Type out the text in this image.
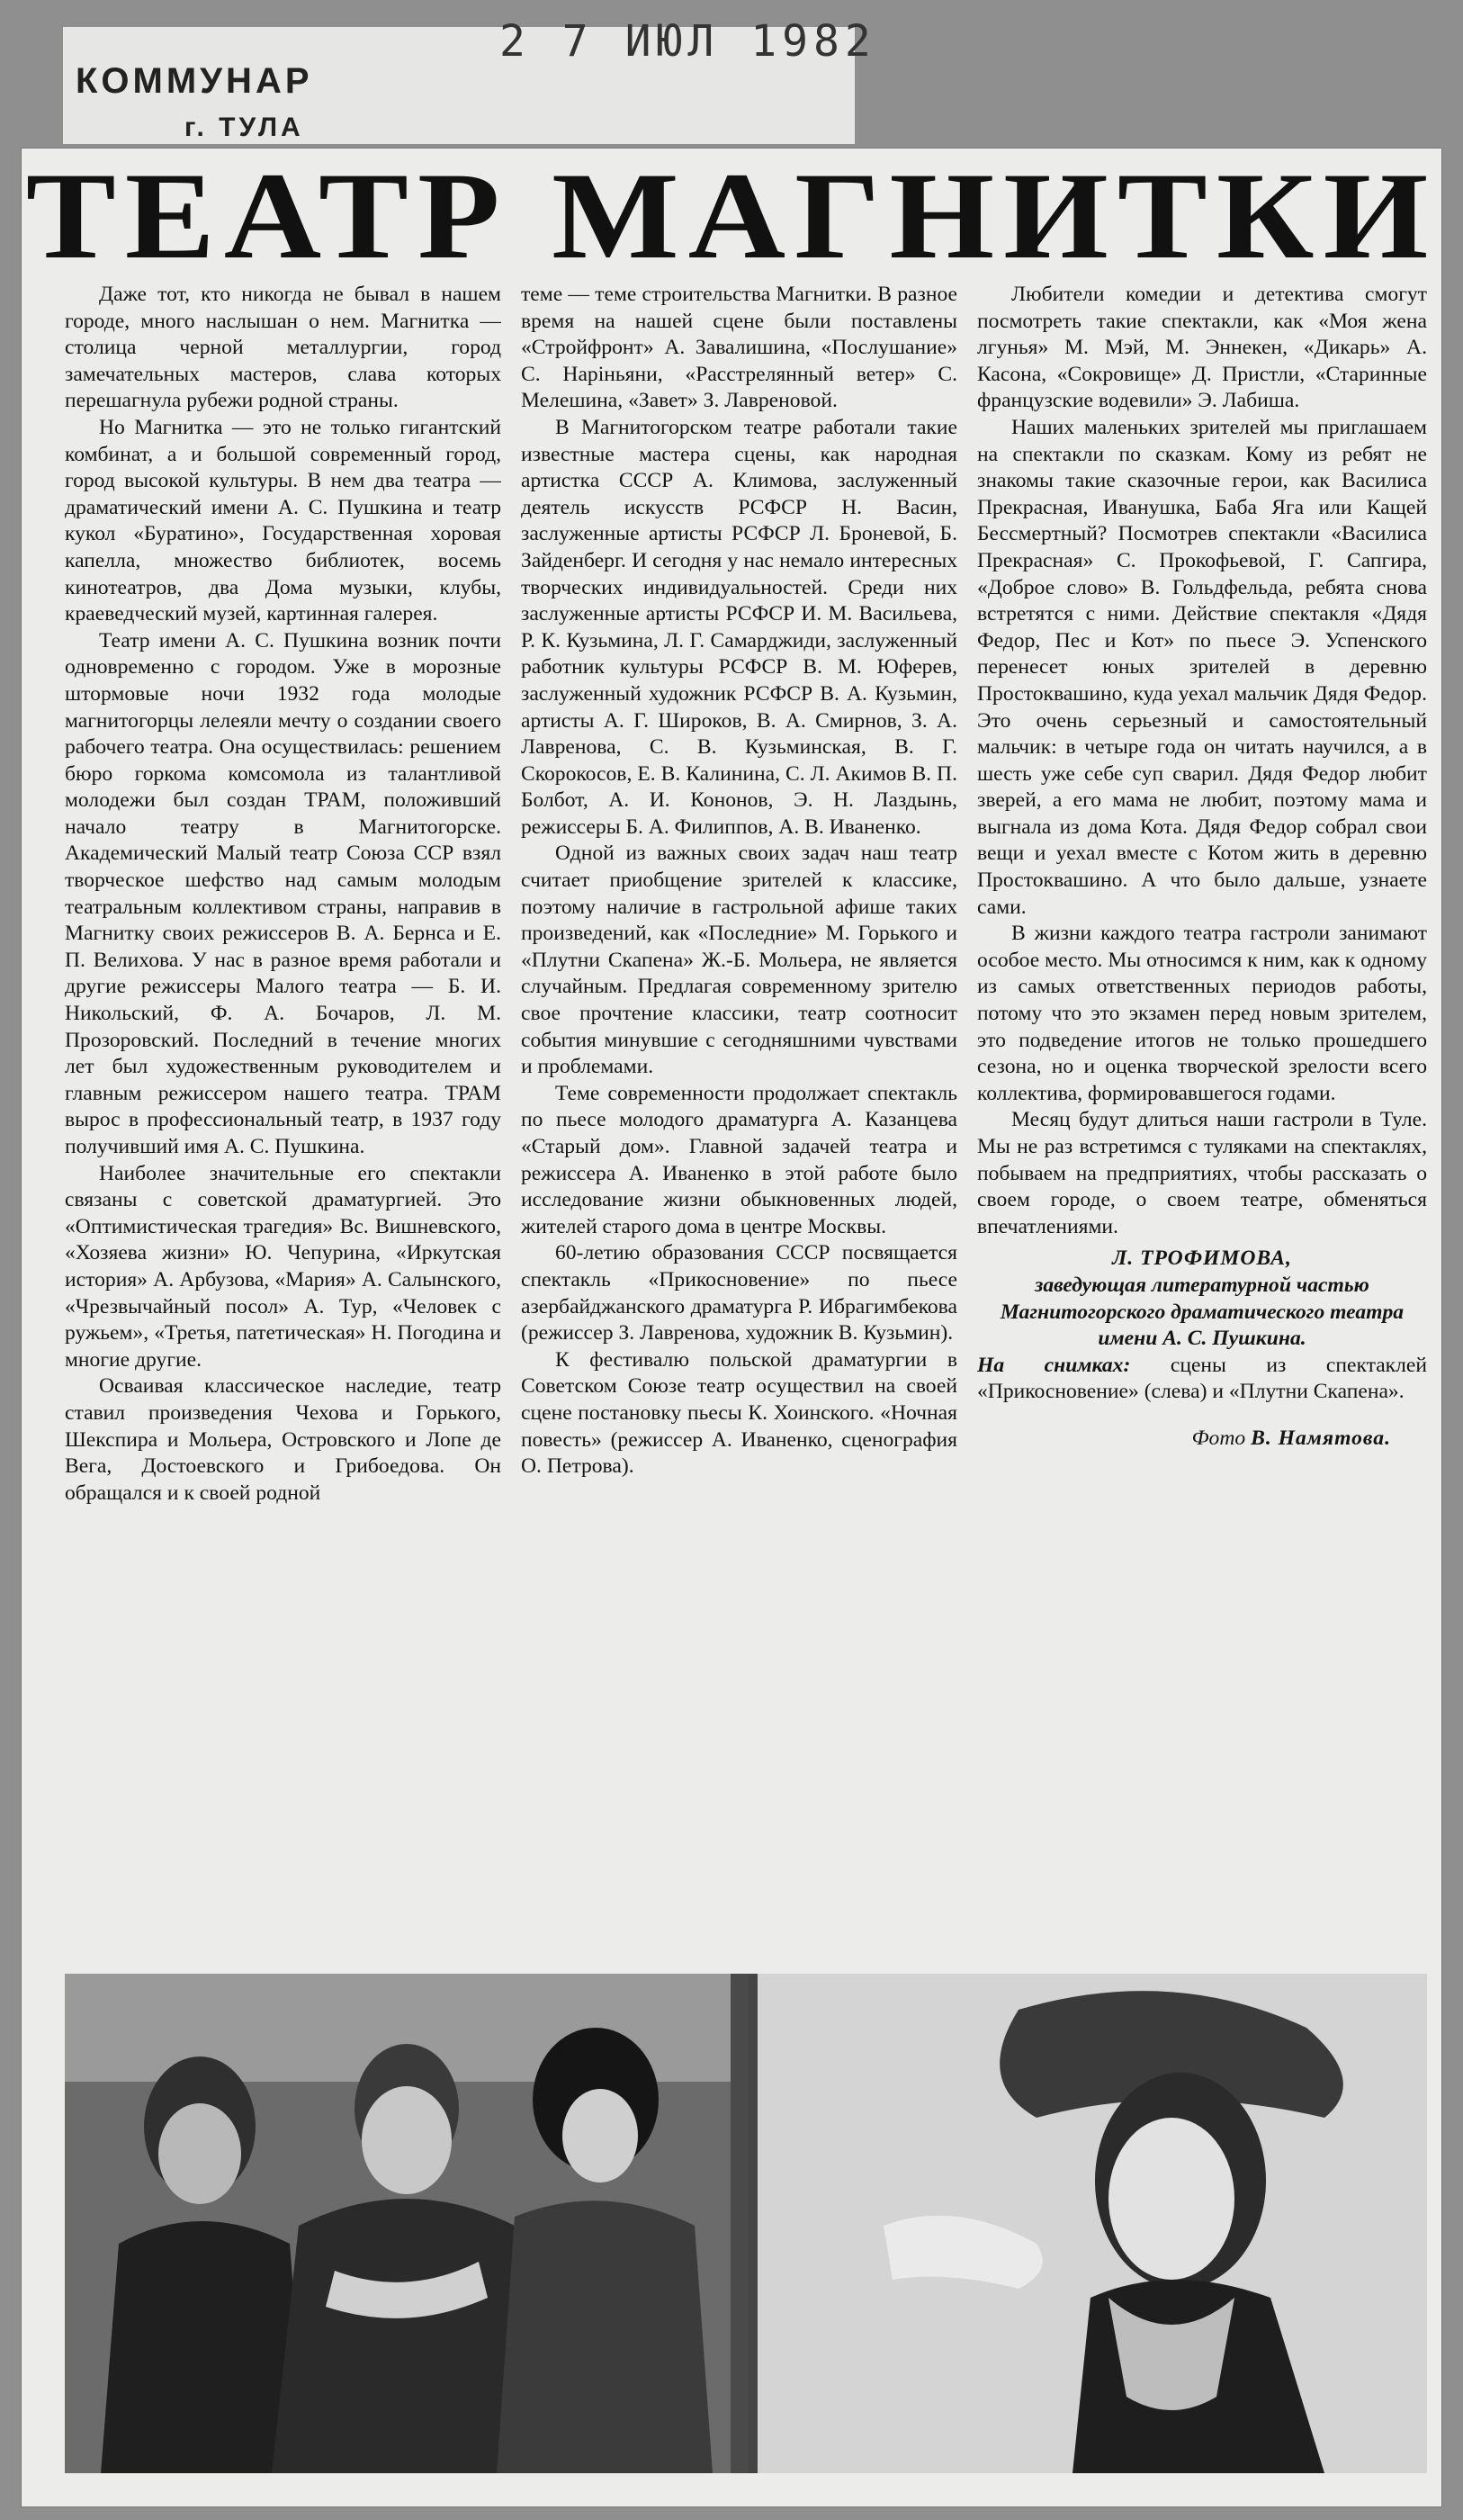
КОММУНАР
г. ТУЛА
2 7 ИЮЛ 1982
ТЕАТР МАГНИТКИ

Даже тот, кто никогда не бывал в нашем городе, много наслышан о нем. Магнитка — столица черной металлургии, город замечательных мастеров, слава которых перешагнула рубежи родной страны.

Но Магнитка — это не только гигантский комбинат, а и большой современный город, город высокой культуры. В нем два театра — драматический имени А. С. Пушкина и театр кукол «Буратино», Государственная хоровая капелла, множество библиотек, восемь кинотеатров, два Дома музыки, клубы, краеведческий музей, картинная галерея.

Театр имени А. С. Пушкина возник почти одновременно с городом. Уже в морозные штормовые ночи 1932 года молодые магнитогорцы лелеяли мечту о создании своего рабочего театра. Она осуществилась: решением бюро горкома комсомола из талантливой молодежи был создан ТРАМ, положивший начало театру в Магнитогорске. Академический Малый театр Союза ССР взял творческое шефство над самым молодым театральным коллективом страны, направив в Магнитку своих режиссеров В. А. Бернса и Е. П. Велихова. У нас в разное время работали и другие режиссеры Малого театра — Б. И. Никольский, Ф. А. Бочаров, Л. М. Прозоровский. Последний в течение многих лет был художественным руководителем и главным режиссером нашего театра. ТРАМ вырос в профессиональный театр, в 1937 году получивший имя А. С. Пушкина.

Наиболее значительные его спектакли связаны с советской драматургией. Это «Оптимистическая трагедия» Вс. Вишневского, «Хозяева жизни» Ю. Чепурина, «Иркутская история» А. Арбузова, «Мария» А. Салынского, «Чрезвычайный посол» А. Тур, «Человек с ружьем», «Третья, патетическая» Н. Погодина и многие другие.

Осваивая классическое наследие, театр ставил произведения Чехова и Горького, Шекспира и Мольера, Островского и Лопе де Вега, Достоевского и Грибоедова. Он обращался и к своей родной

теме — теме строительства Магнитки. В разное время на нашей сцене были поставлены «Стройфронт» А. Завалишина, «Послушание» С. Наріньяни, «Расстрелянный ветер» С. Мелешина, «Завет» З. Лавреновой.

В Магнитогорском театре работали такие известные мастера сцены, как народная артистка СССР А. Климова, заслуженный деятель искусств РСФСР Н. Васин, заслуженные артисты РСФСР Л. Броневой, Б. Зайденберг. И сегодня у нас немало интересных творческих индивидуальностей. Среди них заслуженные артисты РСФСР И. М. Васильева, Р. К. Кузьмина, Л. Г. Самарджиди, заслуженный работник культуры РСФСР В. М. Юферев, заслуженный художник РСФСР В. А. Кузьмин, артисты А. Г. Широков, В. А. Смирнов, З. А. Лавренова, С. В. Кузьминская, В. Г. Скорокосов, Е. В. Калинина, С. Л. Акимов В. П. Болбот, А. И. Кононов, Э. Н. Лаздынь, режиссеры Б. А. Филиппов, А. В. Иваненко.

Одной из важных своих задач наш театр считает приобщение зрителей к классике, поэтому наличие в гастрольной афише таких произведений, как «Последние» М. Горького и «Плутни Скапена» Ж.-Б. Мольера, не является случайным. Предлагая современному зрителю свое прочтение классики, театр соотносит события минувшие с сегодняшними чувствами и проблемами.

Теме современности продолжает спектакль по пьесе молодого драматурга А. Казанцева «Старый дом». Главной задачей театра и режиссера А. Иваненко в этой работе было исследование жизни обыкновенных людей, жителей старого дома в центре Москвы.

60-летию образования СССР посвящается спектакль «Прикосновение» по пьесе азербайджанского драматурга Р. Ибрагимбекова (режиссер З. Лавренова, художник В. Кузьмин).

К фестивалю польской драматургии в Советском Союзе театр осуществил на своей сцене постановку пьесы К. Хоинского. «Ночная повесть» (режиссер А. Иваненко, сценография О. Петрова).

Любители комедии и детектива смогут посмотреть такие спектакли, как «Моя жена лгунья» М. Мэй, М. Эннекен, «Дикарь» А. Касона, «Сокровище» Д. Пристли, «Старинные французские водевили» Э. Лабиша.

Наших маленьких зрителей мы приглашаем на спектакли по сказкам. Кому из ребят не знакомы такие сказочные герои, как Василиса Прекрасная, Иванушка, Баба Яга или Кащей Бессмертный? Посмотрев спектакли «Василиса Прекрасная» С. Прокофьевой, Г. Сапгира, «Доброе слово» В. Гольдфельда, ребята снова встретятся с ними. Действие спектакля «Дядя Федор, Пес и Кот» по пьесе Э. Успенского перенесет юных зрителей в деревню Простоквашино, куда уехал мальчик Дядя Федор. Это очень серьезный и самостоятельный мальчик: в четыре года он читать научился, а в шесть уже себе суп сварил. Дядя Федор любит зверей, а его мама не любит, поэтому мама и выгнала из дома Кота. Дядя Федор собрал свои вещи и уехал вместе с Котом жить в деревню Простоквашино. А что было дальше, узнаете сами.

В жизни каждого театра гастроли занимают особое место. Мы относимся к ним, как к одному из самых ответственных периодов работы, потому что это экзамен перед новым зрителем, это подведение итогов не только прошедшего сезона, но и оценка творческой зрелости всего коллектива, формировавшегося годами.

Месяц будут длиться наши гастроли в Туле. Мы не раз встретимся с туляками на спектаклях, побываем на предприятиях, чтобы рассказать о своем городе, о своем театре, обменяться впечатлениями.

Л. ТРОФИМОВА,
заведующая литературной частью Магнитогорского драматического театра имени А. С. Пушкина.

На снимках: сцены из спектаклей «Прикосновение» (слева) и «Плутни Скапена».

Фото В. Намятова.
